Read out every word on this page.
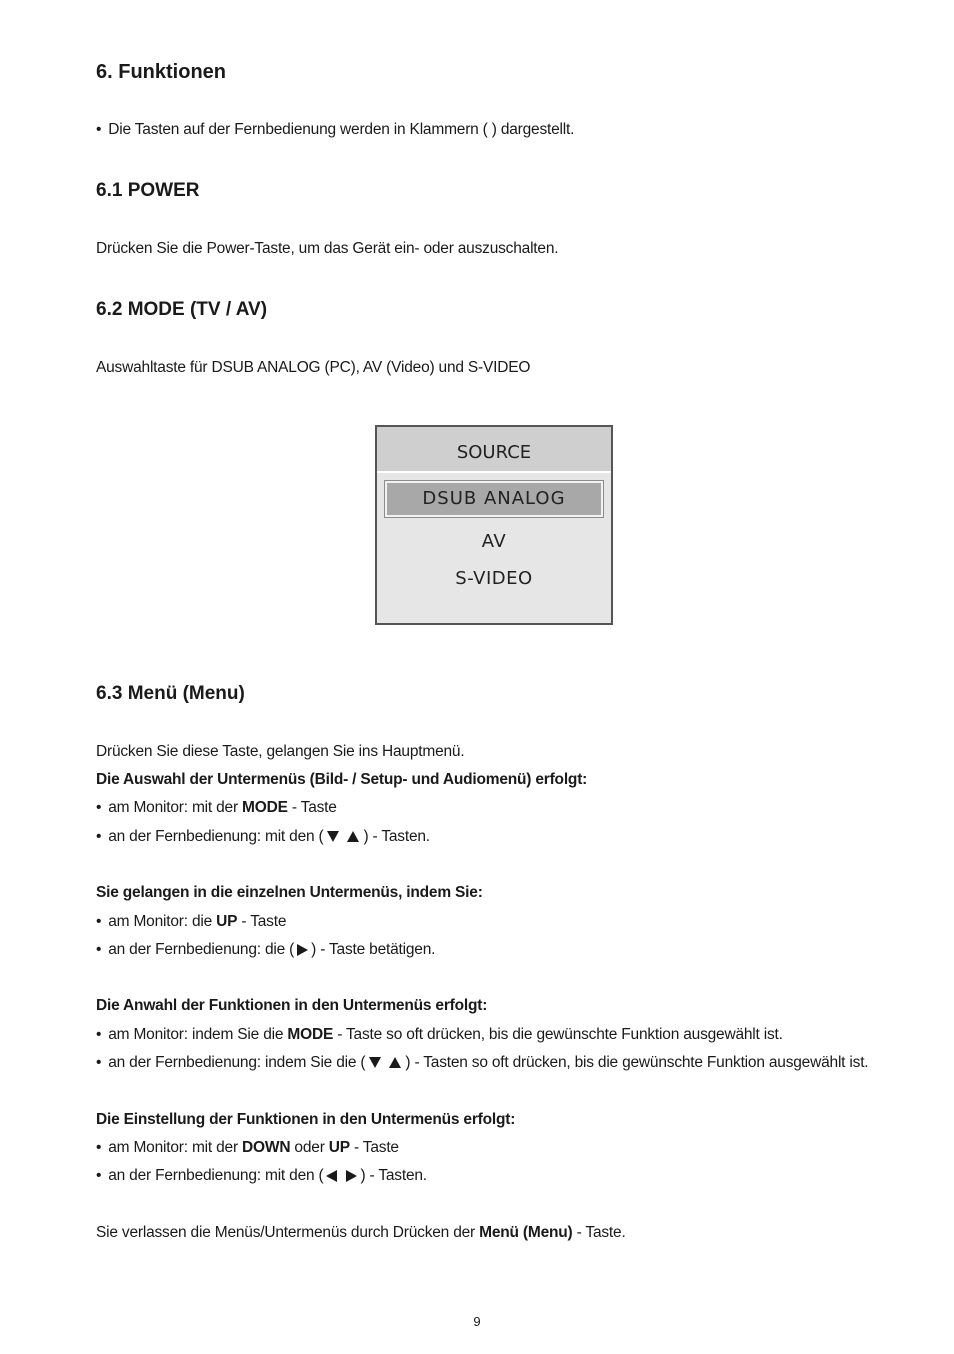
6. Funktionen
• Die Tasten auf der Fernbedienung werden in Klammern ( ) dargestellt.
6.1 POWER
Drücken Sie die Power-Taste, um das Gerät ein- oder auszuschalten.
6.2 MODE (TV / AV)
Auswahltaste für DSUB ANALOG (PC), AV (Video) und S-VIDEO
SOURCE
DSUB ANALOG
AV
S-VIDEO
6.3 Menü (Menu)
Drücken Sie diese Taste, gelangen Sie ins Hauptmenü.
Die Auswahl der Untermenüs (Bild- / Setup- und Audiomenü) erfolgt:
• am Monitor: mit der MODE - Taste
• an der Fernbedienung: mit den (	) - Tasten.
Sie gelangen in die einzelnen Untermenüs, indem Sie:
• am Monitor: die UP - Taste
• an der Fernbedienung: die ( ) - Taste betätigen.
Die Anwahl der Funktionen in den Untermenüs erfolgt:
• am Monitor: indem Sie die MODE - Taste so oft drücken, bis die gewünschte Funktion ausgewählt ist.
• an der Fernbedienung: indem Sie die (	) - Tasten so oft drücken, bis die gewünschte Funktion ausgewählt ist.
Die Einstellung der Funktionen in den Untermenüs erfolgt:
• am Monitor: mit der DOWN oder UP - Taste
• an der Fernbedienung: mit den ( ) - Tasten.
Sie verlassen die Menüs/Untermenüs durch Drücken der Menü (Menu) - Taste.
9
